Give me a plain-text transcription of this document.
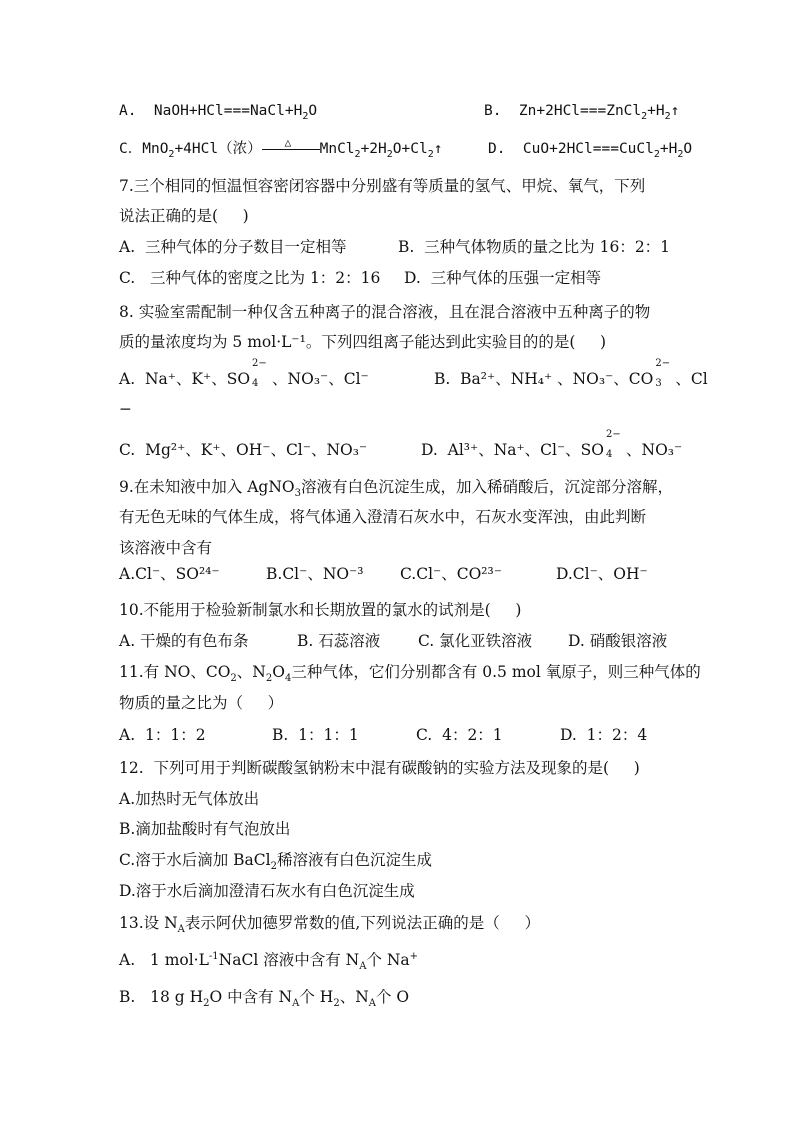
A.  $NaOH+HCl===NaCl+H_2O$	B.  $Zn+2HCl===ZnCl_2+H_2↑$
C．MnO$_2$+4HCl（浓） △ $MnCl_2+2H_2O+Cl_2↑$	D.  $CuO+2HCl===CuCl_2+H_2O$
7.三个相同的恒温恒容密闭容器中分别盛有等质量的氢气、甲烷、氧气，下列
说法正确的是(     )
A.  三种气体的分子数目一定相等	B.  三种气体物质的量之比为 16：2：1
C.   三种气体的密度之比为 1：2：16 D.  三种气体的压强一定相等
8. 实验室需配制一种仅含五种离子的混合溶液，且在混合溶液中五种离子的物
质的量浓度均为 5 mol·L⁻¹。下列四组离子能达到此实验目的的是(     )
A.  Na⁺、K⁺、SO
2−
4 、NO₃⁻、Cl⁻	B.  Ba²⁺、NH₄⁺ 、NO₃⁻、CO
2−
3 、Cl
−
C.  Mg²⁺、K⁺、OH⁻、Cl⁻、NO₃⁻	D.  Al³⁺、Na⁺、Cl⁻、SO
2−
4 、NO₃⁻
9.在未知液中加入 AgNO$_3$溶液有白色沉淀生成，加入稀硝酸后，沉淀部分溶解，
有无色无味的气体生成，将气体通入澄清石灰水中，石灰水变浑浊，由此判断
该溶液中含有
A.Cl⁻、SO²⁴⁻	B.Cl⁻、NO⁻³ C.Cl⁻、CO²³⁻	D.Cl⁻、OH⁻
10.不能用于检验新制氯水和长期放置的氯水的试剂是(     )
A. 干燥的有色布条	B. 石蕊溶液 C. 氯化亚铁溶液 D. 硝酸银溶液
11.有 NO、$CO_2$、$N_2O_4$三种气体，它们分别都含有 0.5 mol 氧原子，则三种气体的
物质的量之比为（     ）
A.  1：1：2	B.  1：1：1	C.  4：2：1	D.  1：2：4
12.  下列可用于判断碳酸氢钠粉末中混有碳酸钠的实验方法及现象的是(     )
A.加热时无气体放出
B.滴加盐酸时有气泡放出
C.溶于水后滴加 BaCl$_2$稀溶液有白色沉淀生成
D.溶于水后滴加澄清石灰水有白色沉淀生成
13.设 $N_A$表示阿伏加德罗常数的值,下列说法正确的是（     ）
A.   1 $mol\cdot L^{-1}NaCl$ 溶液中含有 $N_A$个 Na+
B.   18 g $H_2O$ 中含有 $N_A$个 $H_2$、$N_A$个 O
